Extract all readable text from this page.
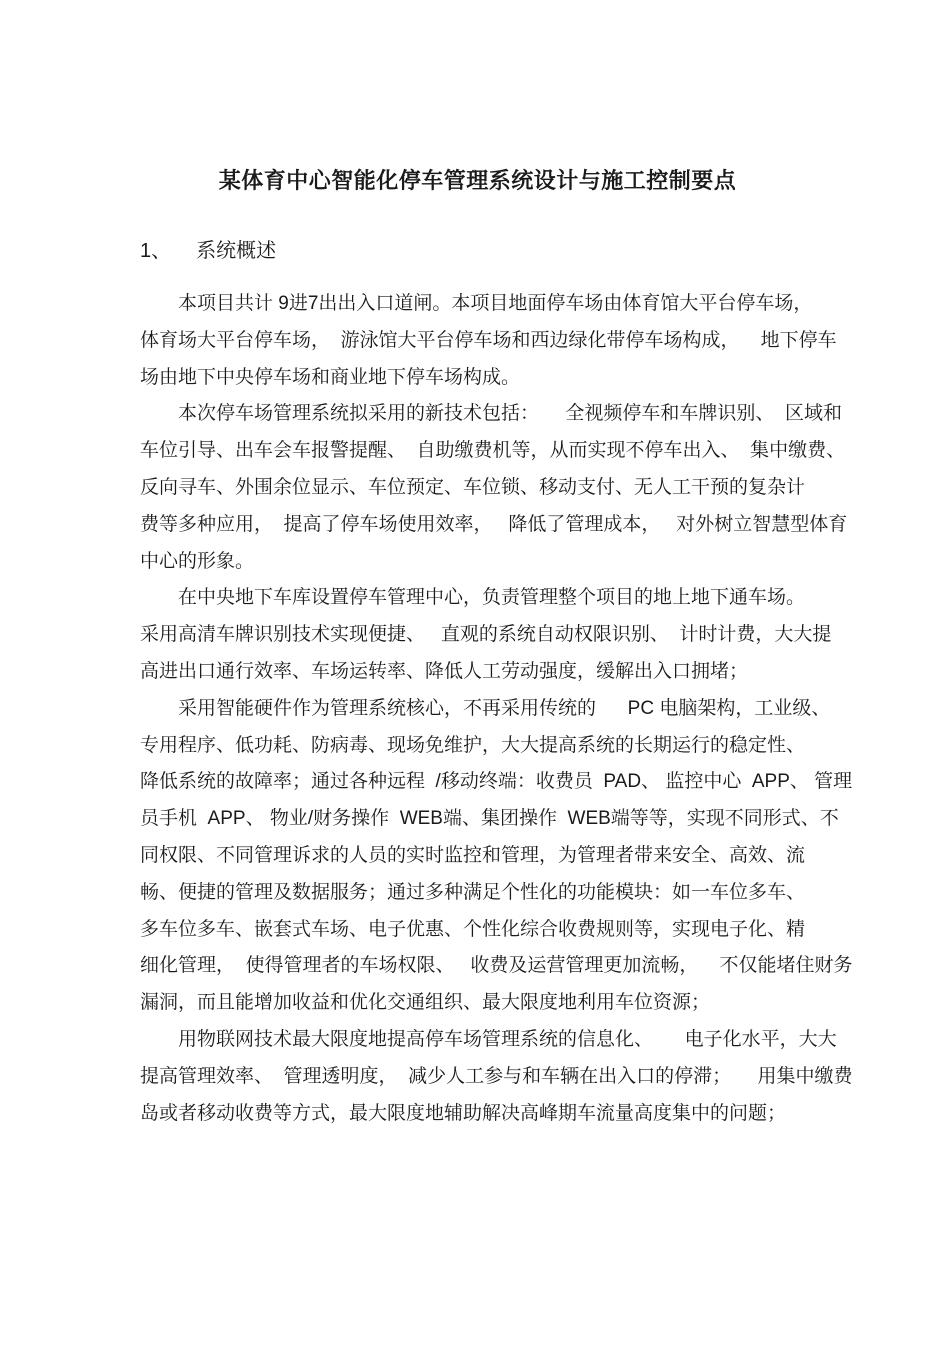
某体育中心智能化停车管理系统设计与施工控制要点
1、 系统概述
本项目共计 9进7出出入口道闸。本项目地面停车场由体育馆大平台停车场，
体育场大平台停车场，  游泳馆大平台停车场和西边绿化带停车场构成，    地下停车
场由地下中央停车场和商业地下停车场构成。
本次停车场管理系统拟采用的新技术包括：     全视频停车和车牌识别、  区域和
车位引导、出车会车报警提醒、  自助缴费机等，从而实现不停车出入、  集中缴费、
反向寻车、外围余位显示、车位预定、车位锁、移动支付、无人工干预的复杂计
费等多种应用，  提高了停车场使用效率，   降低了管理成本，   对外树立智慧型体育
中心的形象。
在中央地下车库设置停车管理中心，负责管理整个项目的地上地下通车场。
采用高清车牌识别技术实现便捷、   直观的系统自动权限识别、  计时计费，大大提
高进出口通行效率、车场运转率、降低人工劳动强度，缓解出入口拥堵；
采用智能硬件作为管理系统核心，不再采用传统的      PC 电脑架构，工业级、
专用程序、低功耗、防病毒、现场免维护，大大提高系统的长期运行的稳定性、
降低系统的故障率；通过各种远程  /移动终端：收费员  PAD、 监控中心  APP、 管理
员手机  APP、 物业/财务操作  WEB端、集团操作  WEB端等等，实现不同形式、不
同权限、不同管理诉求的人员的实时监控和管理，为管理者带来安全、高效、流
畅、便捷的管理及数据服务；通过多种满足个性化的功能模块：如一车位多车、
多车位多车、嵌套式车场、电子优惠、个性化综合收费规则等，实现电子化、精
细化管理，  使得管理者的车场权限、   收费及运营管理更加流畅，    不仅能堵住财务
漏洞，而且能增加收益和优化交通组织、最大限度地利用车位资源；
用物联网技术最大限度地提高停车场管理系统的信息化、      电子化水平，大大
提高管理效率、  管理透明度，  减少人工参与和车辆在出入口的停滞；     用集中缴费
岛或者移动收费等方式，最大限度地辅助解决高峰期车流量高度集中的问题；
